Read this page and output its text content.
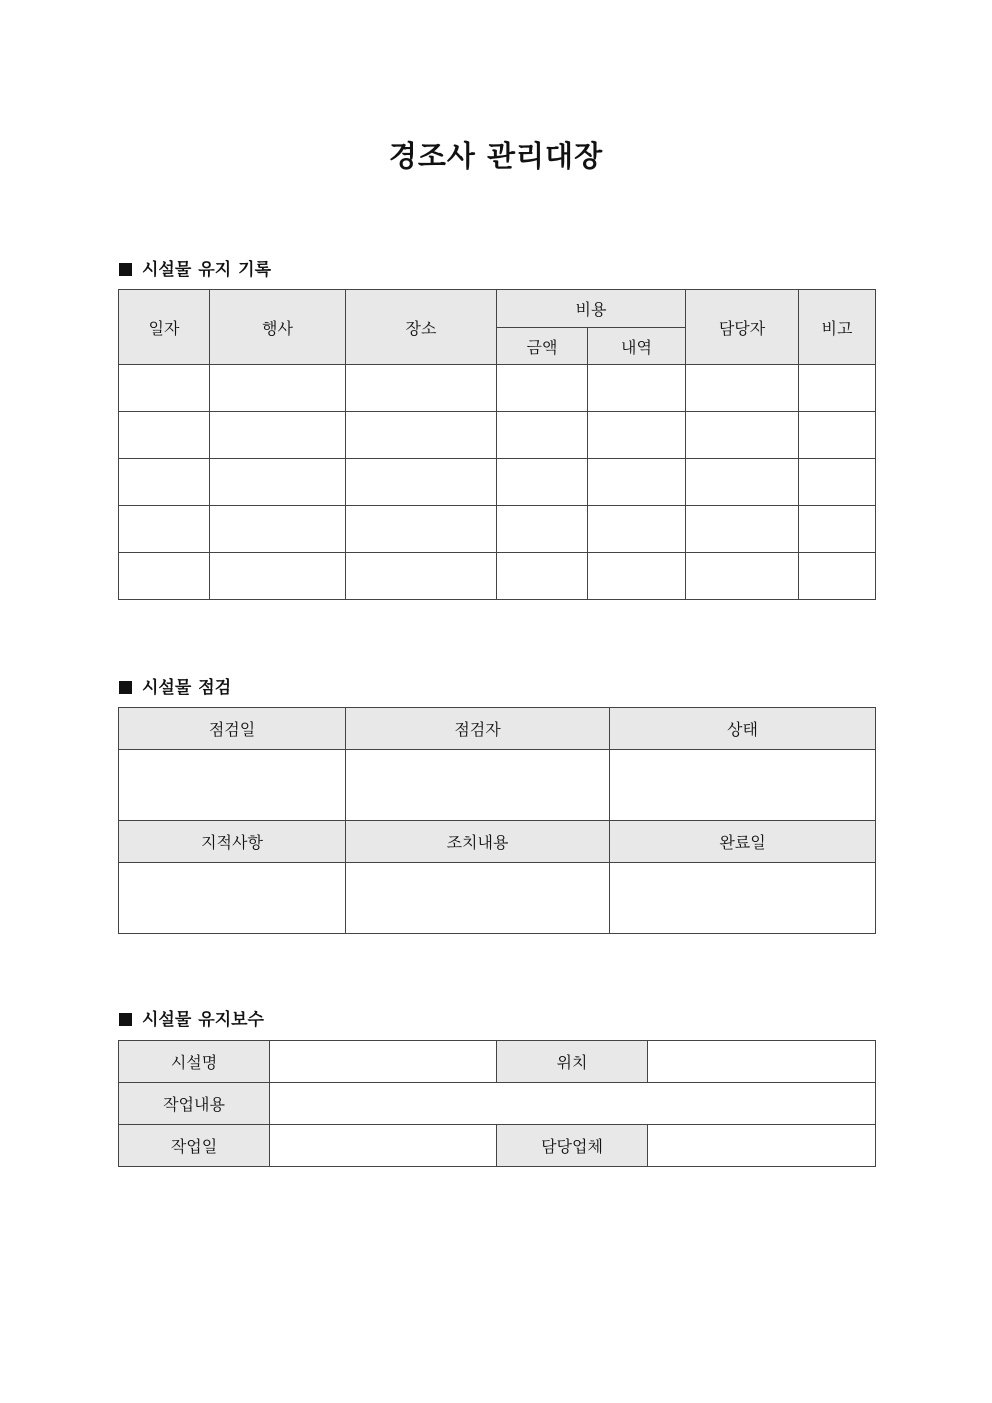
경조사 관리대장
시설물 유지 기록
일자	행사	장소	비용		담당자	비고
			금액	내역		

시설물 점검
점검일	점검자	상태

지적사항	조치내용	완료일

시설물 유지보수
시설명		위치	
작업내용			
작업일		담당업체	
